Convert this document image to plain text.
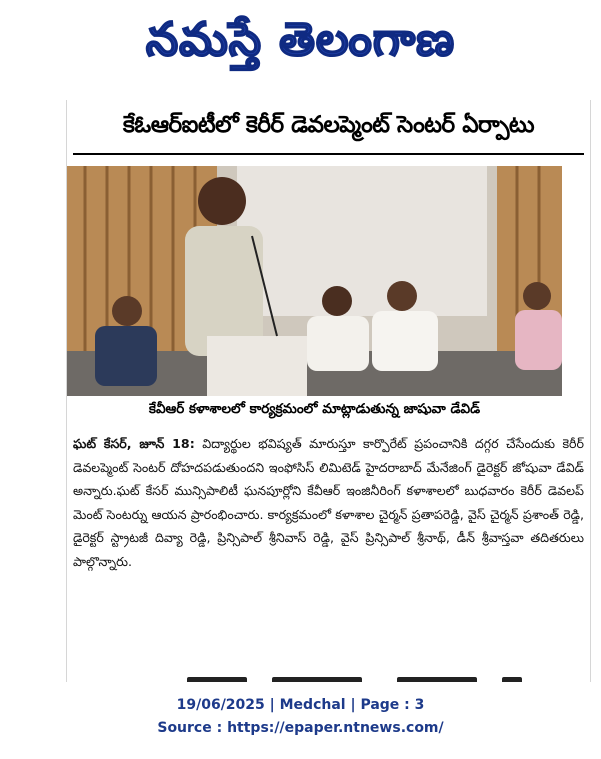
నమస్తే తెలంగాణ
కేఓఆర్ఐటీలో కెరీర్ డెవలప్మెంట్ సెంటర్ ఏర్పాటు
కేవీఆర్ కళాశాలలో కార్యక్రమంలో మాట్లాడుతున్న జాషువా డేవిడ్

ఘట్ కేసర్, జూన్ 18: విద్యార్థుల భవిష్యత్ మారుస్తూ కార్పొరేట్ ప్రపంచానికి దగ్గర చేసేందుకు కెరీర్ డెవలప్మెంట్ సెంటర్ దోహదపడుతుందని ఇంఫోసిస్ లిమిటెడ్ హైదరాబాద్ మేనేజింగ్ డైరెక్టర్ జోషువా డేవిడ్ అన్నారు.ఘట్ కేసర్ మున్సిపాలిటీ ఘనపూర్లోని కేవీఆర్ ఇంజినీరింగ్ కళాశాలలో బుధవారం కెరీర్ డెవలప్ మెంట్ సెంటర్ను ఆయన ప్రారంభించారు. కార్యక్రమంలో కళాశాల చైర్మన్ ప్రతాపరెడ్డి, వైస్ చైర్మన్ ప్రశాంత్ రెడ్డి, డైరెక్టర్ స్ట్రాటజీ దివ్యా రెడ్డి, ప్రిన్సిపాల్ శ్రీనివాస్ రెడ్డి, వైస్ ప్రిన్సిపాల్ శ్రీనాథ్, డీన్ శ్రీవాస్తవా తదితరులు పాల్గొన్నారు.

19/06/2025 | Medchal | Page : 3
Source : https://epaper.ntnews.com/
